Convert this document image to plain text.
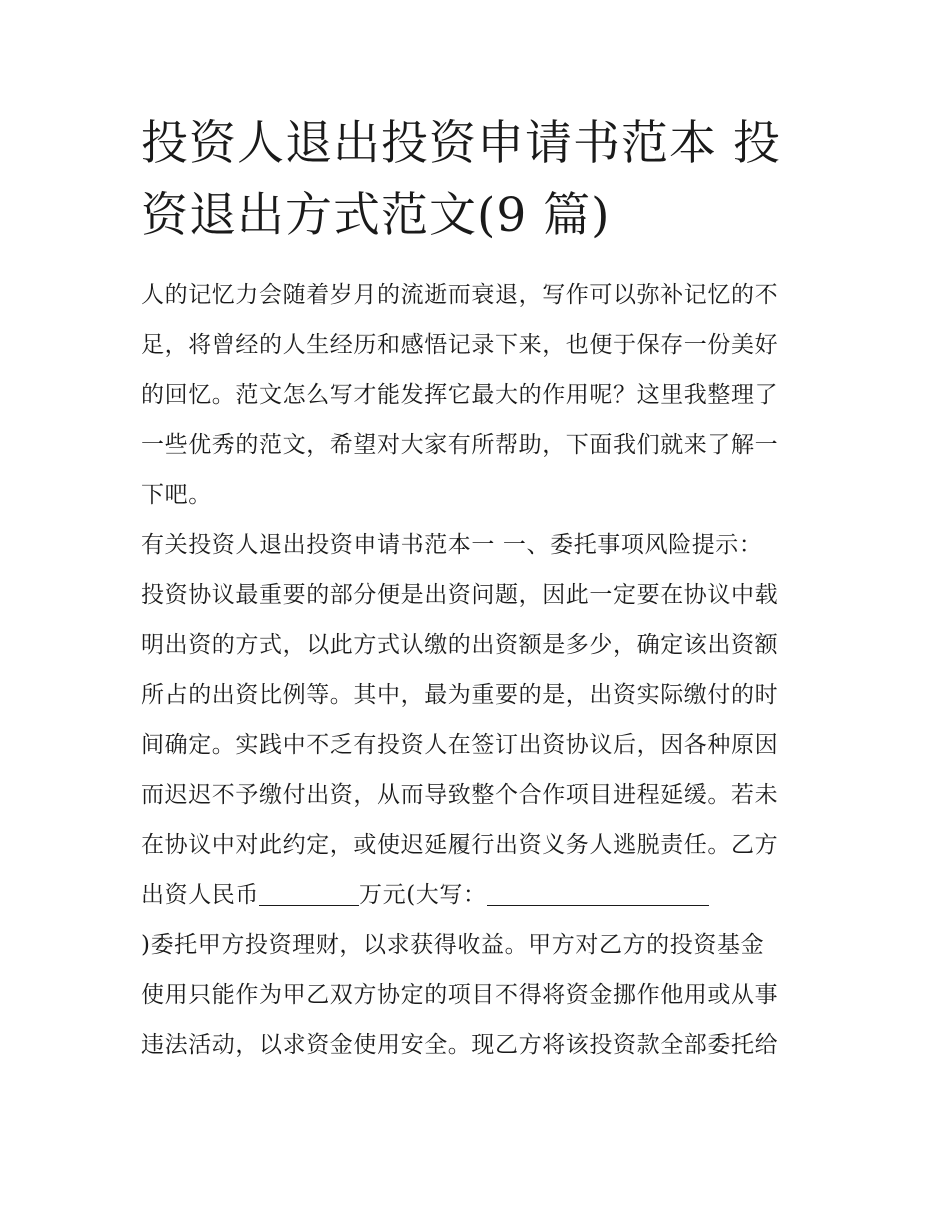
投资人退出投资申请书范本 投
资退出方式范文(9 篇)

人的记忆力会随着岁月的流逝而衰退，写作可以弥补记忆的不
足，将曾经的人生经历和感悟记录下来，也便于保存一份美好
的回忆。范文怎么写才能发挥它最大的作用呢？这里我整理了
一些优秀的范文，希望对大家有所帮助，下面我们就来了解一
下吧。

有关投资人退出投资申请书范本一 一、委托事项风险提示：

投资协议最重要的部分便是出资问题，因此一定要在协议中载
明出资的方式，以此方式认缴的出资额是多少，确定该出资额
所占的出资比例等。其中，最为重要的是，出资实际缴付的时
间确定。实践中不乏有投资人在签订出资协议后，因各种原因
而迟迟不予缴付出资，从而导致整个合作项目进程延缓。若未
在协议中对此约定，或使迟延履行出资义务人逃脱责任。乙方
出资人民币	万元(大写：
)委托甲方投资理财，以求获得收益。甲方对乙方的投资基金
使用只能作为甲乙双方协定的项目不得将资金挪作他用或从事
违法活动，以求资金使用安全。现乙方将该投资款全部委托给
